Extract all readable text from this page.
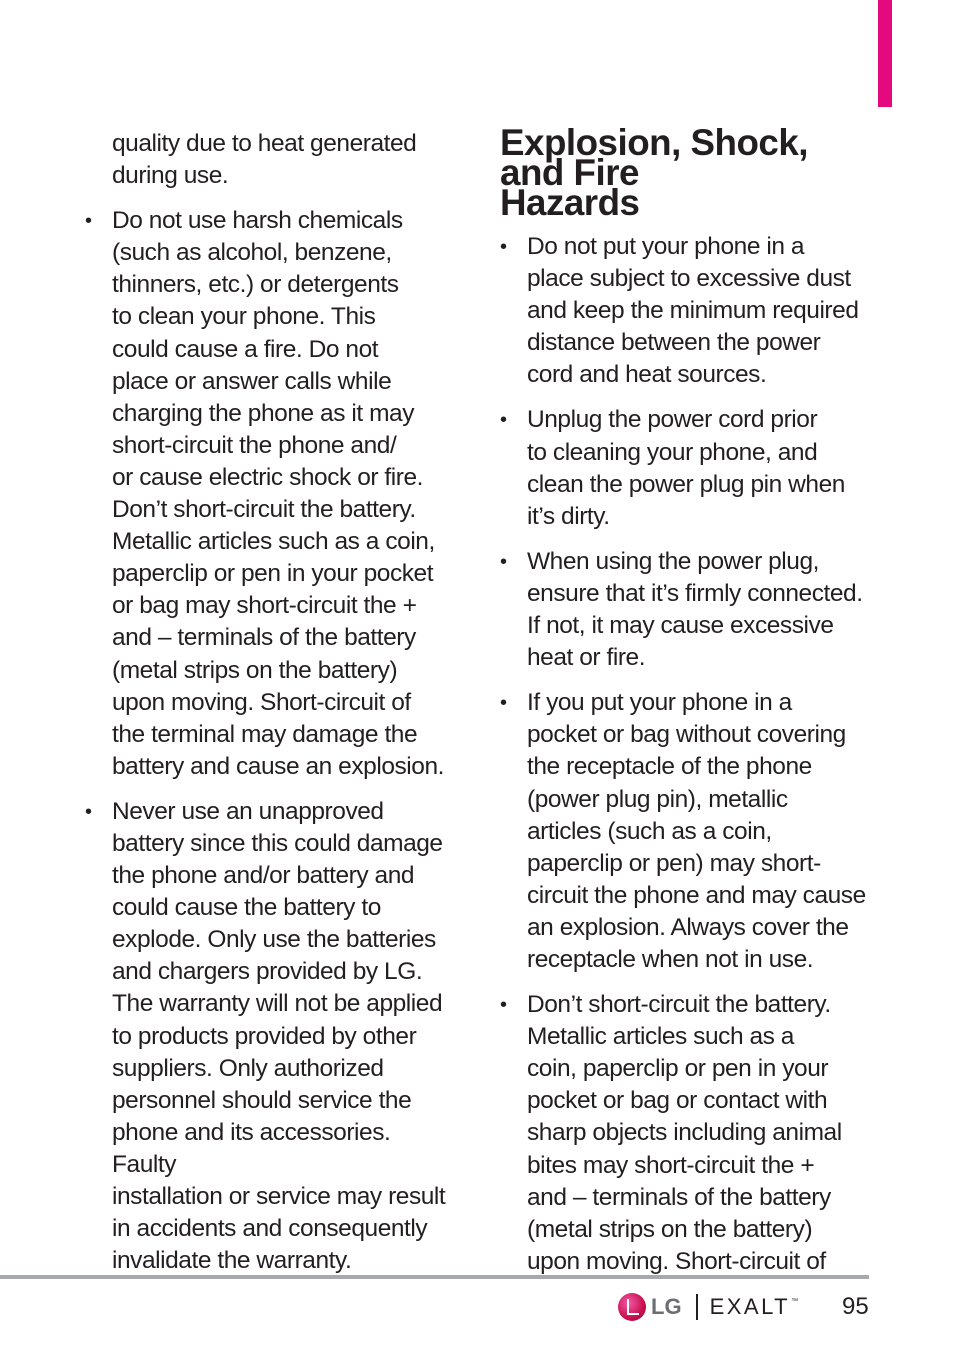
quality due to heat generated
during use.

• Do not use harsh chemicals
(such as alcohol, benzene,
thinners, etc.) or detergents
to clean your phone. This
could cause a fire. Do not
place or answer calls while
charging the phone as it may
short-circuit the phone and/
or cause electric shock or fire.
Don’t short-circuit the battery.
Metallic articles such as a coin,
paperclip or pen in your pocket
or bag may short-circuit the +
and – terminals of the battery
(metal strips on the battery)
upon moving. Short-circuit of
the terminal may damage the
battery and cause an explosion.

• Never use an unapproved
battery since this could damage
the phone and/or battery and
could cause the battery to
explode. Only use the batteries
and chargers provided by LG.
The warranty will not be applied
to products provided by other
suppliers. Only authorized
personnel should service the
phone and its accessories. Faulty
installation or service may result
in accidents and consequently
invalidate the warranty.

Explosion, Shock, and Fire
Hazards

• Do not put your phone in a
place subject to excessive dust
and keep the minimum required
distance between the power
cord and heat sources.

• Unplug the power cord prior
to cleaning your phone, and
clean the power plug pin when
it’s dirty.

• When using the power plug,
ensure that it’s firmly connected.
If not, it may cause excessive
heat or fire.

• If you put your phone in a
pocket or bag without covering
the receptacle of the phone
(power plug pin), metallic
articles (such as a coin,
paperclip or pen) may short-
circuit the phone and may cause
an explosion. Always cover the
receptacle when not in use.

• Don’t short-circuit the battery.
Metallic articles such as a
coin, paperclip or pen in your
pocket or bag or contact with
sharp objects including animal
bites may short-circuit the +
and – terminals of the battery
(metal strips on the battery)
upon moving. Short-circuit of

LG EXALT™ 95
